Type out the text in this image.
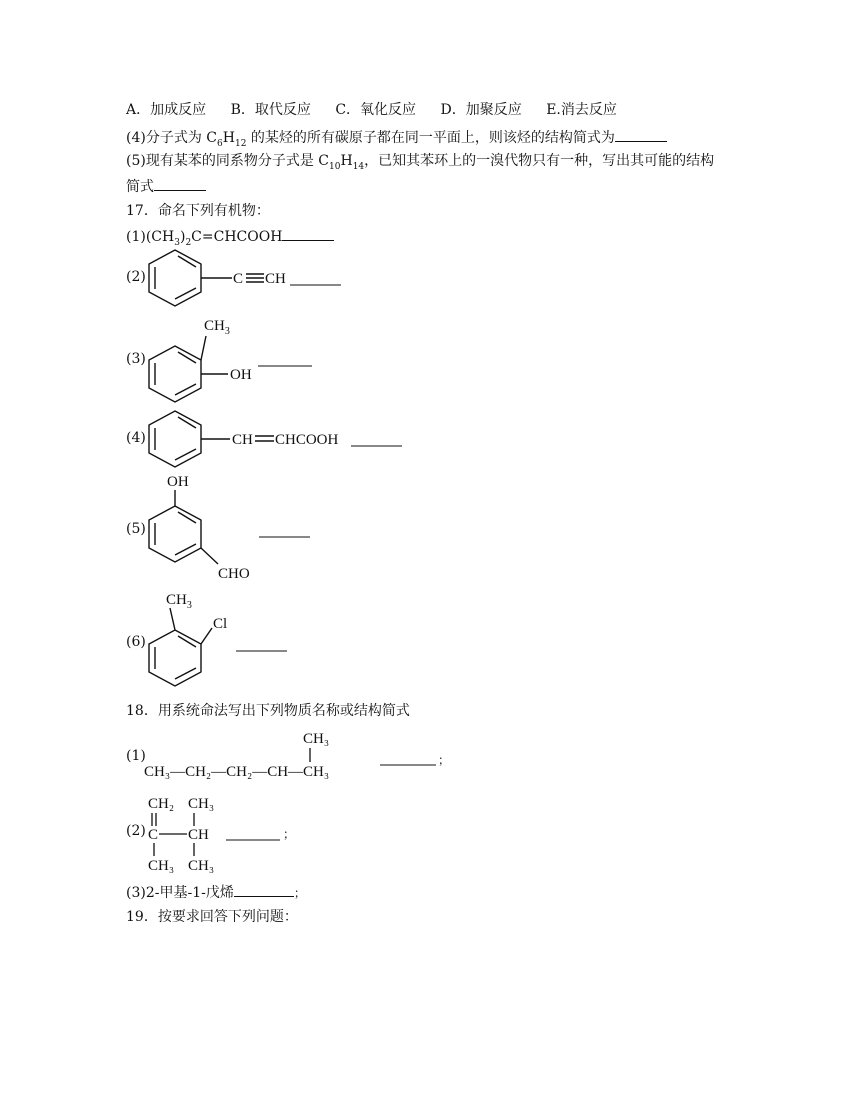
A．加成反应 B．取代反应 C．氧化反应 D．加聚反应 E.消去反应
(4)分子式为 $C_6H_{12}$ 的某烃的所有碳原子都在同一平面上，则该烃的结构简式为
(5)现有某苯的同系物分子式是 $C_{10}H_{14}$，已知其苯环上的一溴代物只有一种，写出其可能的结构
简式
17．命名下列有机物：
$(1)(CH_3)_2C=CHCOOH$
(2)	C CH
(3)
$CH_3$
OH
(4)	CH CHCOOH
(5)
OH
CHO
(6)
$CH_3$
Cl
18．用系统命法写出下列物质名称或结构简式
(1)
CH₃
CH₃—CH₂—CH₂—CH—CH₃
；
(2)
CH₂ CH₃
C CH
CH₃ CH₃
；
(3)2-甲基-1-戊烯	；
19．按要求回答下列问题：
